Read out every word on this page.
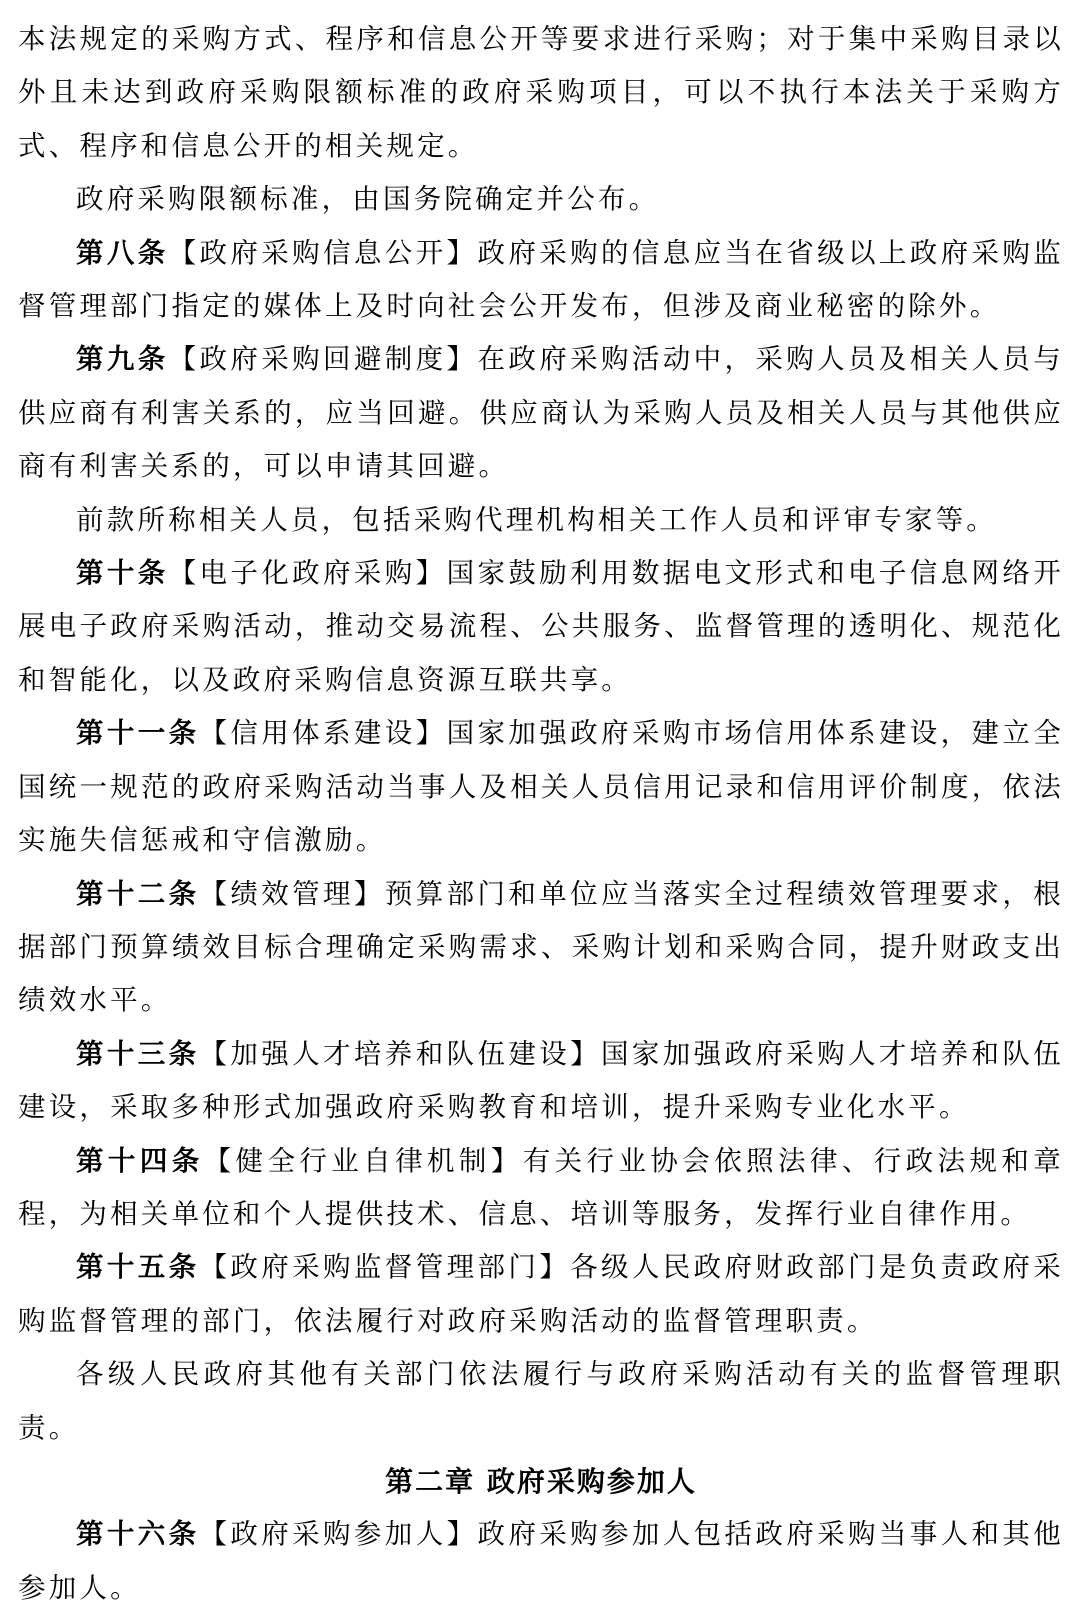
本法规定的采购方式、程序和信息公开等要求进行采购；对于集中采购目录以外且未达到政府采购限额标准的政府采购项目，可以不执行本法关于采购方式、程序和信息公开的相关规定。

政府采购限额标准，由国务院确定并公布。

第八条【政府采购信息公开】政府采购的信息应当在省级以上政府采购监督管理部门指定的媒体上及时向社会公开发布，但涉及商业秘密的除外。

第九条【政府采购回避制度】在政府采购活动中，采购人员及相关人员与供应商有利害关系的，应当回避。供应商认为采购人员及相关人员与其他供应商有利害关系的，可以申请其回避。

前款所称相关人员，包括采购代理机构相关工作人员和评审专家等。

第十条【电子化政府采购】国家鼓励利用数据电文形式和电子信息网络开展电子政府采购活动，推动交易流程、公共服务、监督管理的透明化、规范化和智能化，以及政府采购信息资源互联共享。

第十一条【信用体系建设】国家加强政府采购市场信用体系建设，建立全国统一规范的政府采购活动当事人及相关人员信用记录和信用评价制度，依法实施失信惩戒和守信激励。

第十二条【绩效管理】预算部门和单位应当落实全过程绩效管理要求，根据部门预算绩效目标合理确定采购需求、采购计划和采购合同，提升财政支出绩效水平。

第十三条【加强人才培养和队伍建设】国家加强政府采购人才培养和队伍建设，采取多种形式加强政府采购教育和培训，提升采购专业化水平。

第十四条【健全行业自律机制】有关行业协会依照法律、行政法规和章程，为相关单位和个人提供技术、信息、培训等服务，发挥行业自律作用。

第十五条【政府采购监督管理部门】各级人民政府财政部门是负责政府采购监督管理的部门，依法履行对政府采购活动的监督管理职责。

各级人民政府其他有关部门依法履行与政府采购活动有关的监督管理职责。

第二章 政府采购参加人

第十六条【政府采购参加人】政府采购参加人包括政府采购当事人和其他参加人。
